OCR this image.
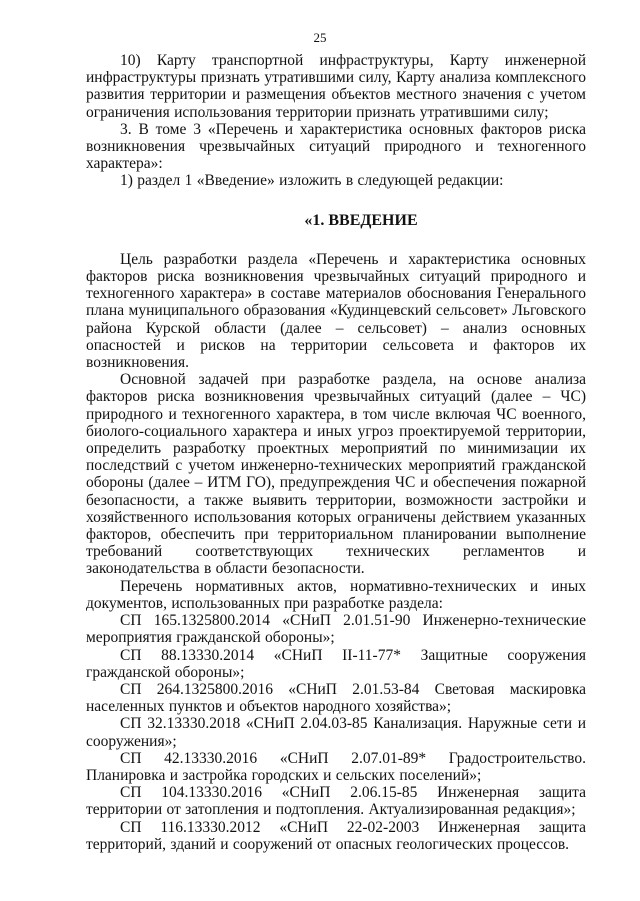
25

10) Карту транспортной инфраструктуры, Карту инженерной инфраструктуры признать утратившими силу, Карту анализа комплексного развития территории и размещения объектов местного значения с учетом ограничения использования территории признать утратившими силу;

3. В томе 3 «Перечень и характеристика основных факторов риска возникновения чрезвычайных ситуаций природного и техногенного характера»:

1) раздел 1 «Введение» изложить в следующей редакции:

«1. ВВЕДЕНИЕ

Цель разработки раздела «Перечень и характеристика основных факторов риска возникновения чрезвычайных ситуаций природного и техногенного характера» в составе материалов обоснования Генерального плана муниципального образования «Кудинцевский сельсовет» Льговского района Курской области (далее – сельсовет) – анализ основных опасностей и рисков на территории сельсовета и факторов их возникновения.

Основной задачей при разработке раздела, на основе анализа факторов риска возникновения чрезвычайных ситуаций (далее – ЧС) природного и техногенного характера, в том числе включая ЧС военного, биолого-социального характера и иных угроз проектируемой территории, определить разработку проектных мероприятий по минимизации их последствий с учетом инженерно-технических мероприятий гражданской обороны (далее – ИТМ ГО), предупреждения ЧС и обеспечения пожарной безопасности, а также выявить территории, возможности застройки и хозяйственного использования которых ограничены действием указанных факторов, обеспечить при территориальном планировании выполнение требований соответствующих технических регламентов и законодательства в области безопасности.

Перечень нормативных актов, нормативно-технических и иных документов, использованных при разработке раздела:

СП 165.1325800.2014 «СНиП 2.01.51-90 Инженерно-технические мероприятия гражданской обороны»;

СП 88.13330.2014 «СНиП II-11-77* Защитные сооружения гражданской обороны»;

СП 264.1325800.2016 «СНиП 2.01.53-84 Световая маскировка населенных пунктов и объектов народного хозяйства»;

СП 32.13330.2018 «СНиП 2.04.03-85 Канализация. Наружные сети и сооружения»;

СП 42.13330.2016 «СНиП 2.07.01-89* Градостроительство. Планировка и застройка городских и сельских поселений»;

СП 104.13330.2016 «СНиП 2.06.15-85 Инженерная защита территории от затопления и подтопления. Актуализированная редакция»;

СП 116.13330.2012 «СНиП 22-02-2003 Инженерная защита территорий, зданий и сооружений от опасных геологических процессов.
